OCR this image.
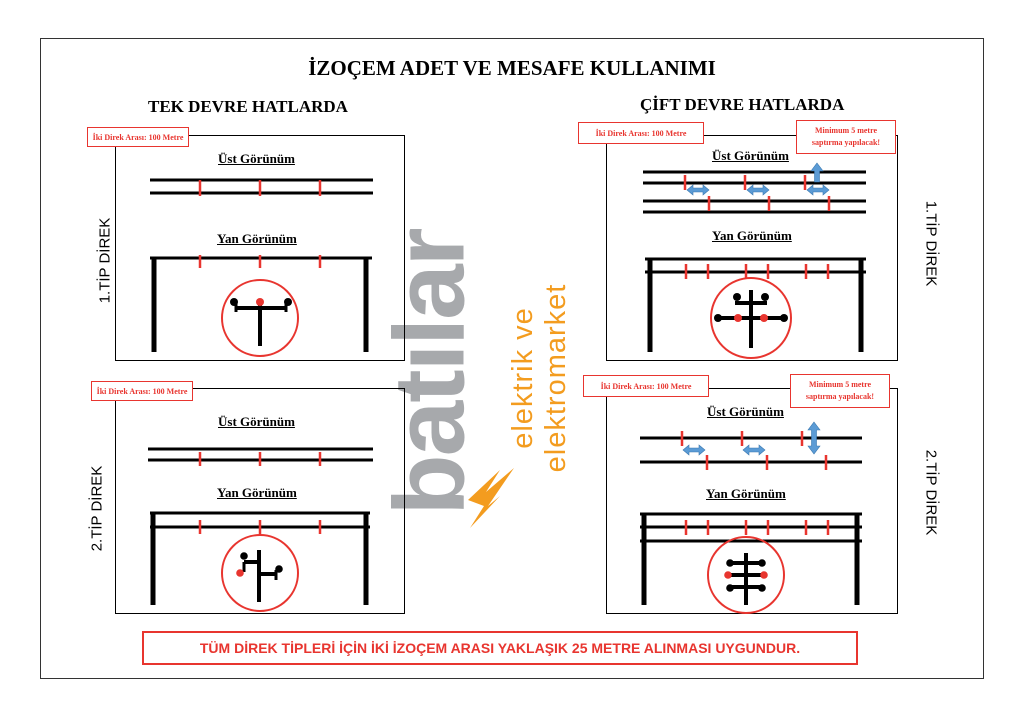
İZOÇEM ADET VE MESAFE KULLANIMI
TEK DEVRE HATLARDA	ÇİFT DEVRE HATLARDA
batılar elektrik ve elektromarket
İki Direk Arası: 100 Metre
İki Direk Arası: 100 Metre
İki Direk Arası: 100 Metre
İki Direk Arası: 100 Metre
Minimum 5 metre saptırma yapılacak!
Minimum 5 metre saptırma yapılacak!
Üst Görünüm
Yan Görünüm
Üst Görünüm
Yan Görünüm
Üst Görünüm
Yan Görünüm
Üst Görünüm
Yan Görünüm
1.TİP DİREK
2.TİP DİREK
1.TİP DİREK
2.TİP DİREK
TÜM DİREK TİPLERİ İÇİN İKİ İZOÇEM ARASI YAKLAŞIK 25 METRE ALINMASI UYGUNDUR.
